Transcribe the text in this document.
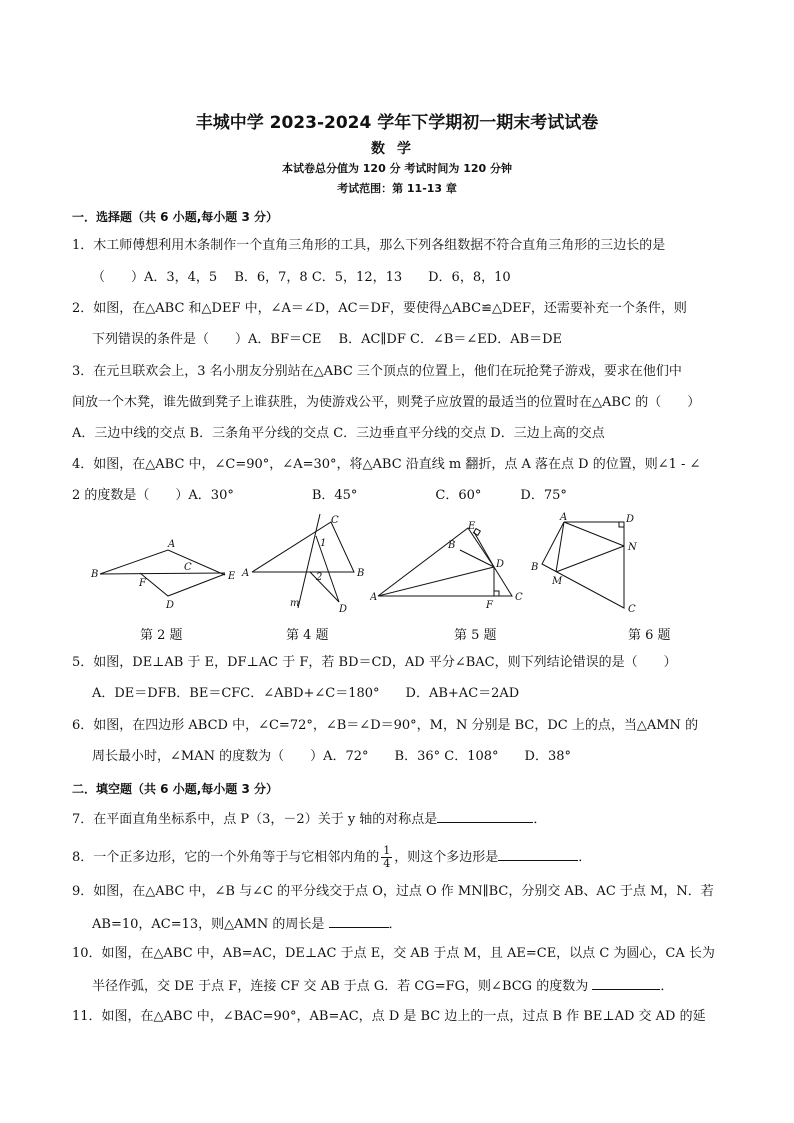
丰城中学 2023-2024 学年下学期初一期末考试试卷
数学
本试卷总分值为 120 分 考试时间为 120 分钟
考试范围：第 11-13 章
一．选择题（共 6 小题,每小题 3 分）
1．木工师傅想利用木条制作一个直角三角形的工具，那么下列各组数据不符合直角三角形的三边长的是
（　　）A．3，4，5　 B．6，7，8 C．5，12，13　　D．6，8，10
2．如图，在△ABC 和△DEF 中，∠A＝∠D，AC＝DF，要使得△ABC≌△DEF，还需要补充一个条件，则
下列错误的条件是（　　）A．BF＝CE　 B．AC∥DF C．∠B＝∠ED．AB＝DE
3．在元旦联欢会上，3 名小朋友分别站在△ABC 三个顶点的位置上，他们在玩抢凳子游戏，要求在他们中
间放一个木凳，谁先做到凳子上谁获胜，为使游戏公平，则凳子应放置的最适当的位置时在△ABC 的（　　）
A．三边中线的交点 B．三条角平分线的交点 C．三边垂直平分线的交点 D．三边上高的交点
4．如图，在△ABC 中，∠C=90°，∠A=30°，将△ABC 沿直线 m 翻折，点 A 落在点 D 的位置，则∠1 - ∠
2 的度数是（　　）A．30°　　　　　　B．45°　　　　　　C．60°　　　D．75°
A
B
F
C
E
D
第 2 题
C
1
A	2	B
m
D
第 4 题
E
B
D
A
F
C
第 5 题
A	D
N
B
M
C
第 6 题
5．如图，DE⊥AB 于 E，DF⊥AC 于 F，若 BD＝CD，AD 平分∠BAC，则下列结论错误的是（　　）
A．DE＝DFB．BE＝CFC．∠ABD+∠C＝180°　　D．AB+AC＝2AD
6．如图，在四边形 ABCD 中，∠C=72°，∠B＝∠D＝90°，M，N 分别是 BC，DC 上的点，当△AMN 的
周长最小时，∠MAN 的度数为（　　）A．72°　　B．36° C．108°　　D．38°
二．填空题（共 6 小题,每小题 3 分）
7．在平面直角坐标系中，点 P（3，－2）关于 y 轴的对称点是	．
8．一个正多边形，它的一个外角等于与它相邻内角的 $\frac{1}{4}$ ，则这个多边形是	．
9．如图，在△ABC 中，∠B 与∠C 的平分线交于点 O，过点 O 作 MN∥BC，分别交 AB、AC 于点 M，N．若
AB=10，AC=13，则△AMN 的周长是	．
10．如图，在△ABC 中，AB=AC，DE⊥AC 于点 E，交 AB 于点 M，且 AE=CE，以点 C 为圆心，CA 长为
半径作弧，交 DE 于点 F，连接 CF 交 AB 于点 G．若 CG=FG，则∠BCG 的度数为	．
11．如图，在△ABC 中，∠BAC=90°，AB=AC，点 D 是 BC 边上的一点，过点 B 作 BE⊥AD 交 AD 的延
